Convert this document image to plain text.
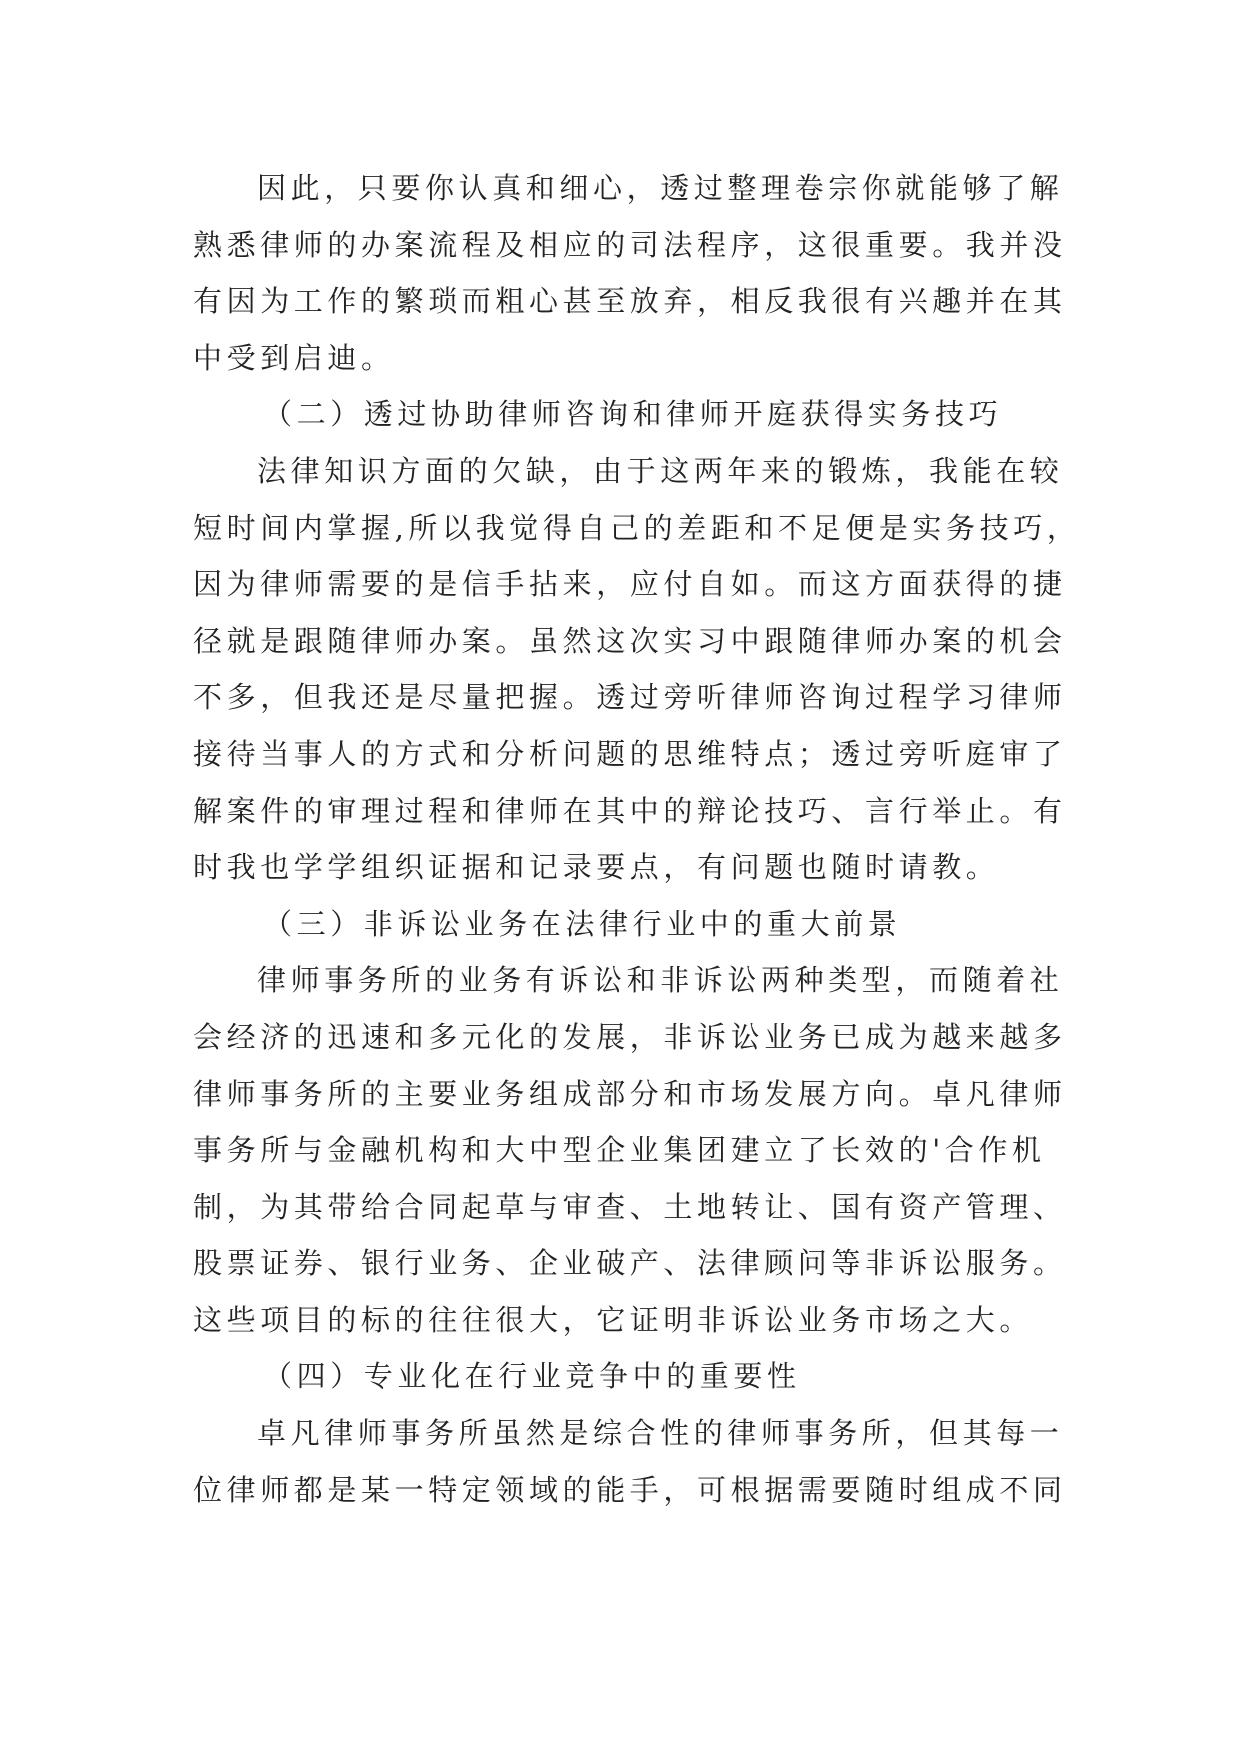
因此，只要你认真和细心，透过整理卷宗你就能够了解
熟悉律师的办案流程及相应的司法程序，这很重要。我并没
有因为工作的繁琐而粗心甚至放弃，相反我很有兴趣并在其
中受到启迪。
（二）透过协助律师咨询和律师开庭获得实务技巧
法律知识方面的欠缺，由于这两年来的锻炼，我能在较
短时间内掌握,所以我觉得自己的差距和不足便是实务技巧，
因为律师需要的是信手拈来，应付自如。而这方面获得的捷
径就是跟随律师办案。虽然这次实习中跟随律师办案的机会
不多，但我还是尽量把握。透过旁听律师咨询过程学习律师
接待当事人的方式和分析问题的思维特点；透过旁听庭审了
解案件的审理过程和律师在其中的辩论技巧、言行举止。有
时我也学学组织证据和记录要点，有问题也随时请教。
（三）非诉讼业务在法律行业中的重大前景
律师事务所的业务有诉讼和非诉讼两种类型，而随着社
会经济的迅速和多元化的发展，非诉讼业务已成为越来越多
律师事务所的主要业务组成部分和市场发展方向。卓凡律师
事务所与金融机构和大中型企业集团建立了长效的'合作机
制，为其带给合同起草与审查、土地转让、国有资产管理、
股票证券、银行业务、企业破产、法律顾问等非诉讼服务。
这些项目的标的往往很大，它证明非诉讼业务市场之大。
（四）专业化在行业竞争中的重要性
卓凡律师事务所虽然是综合性的律师事务所，但其每一
位律师都是某一特定领域的能手，可根据需要随时组成不同
